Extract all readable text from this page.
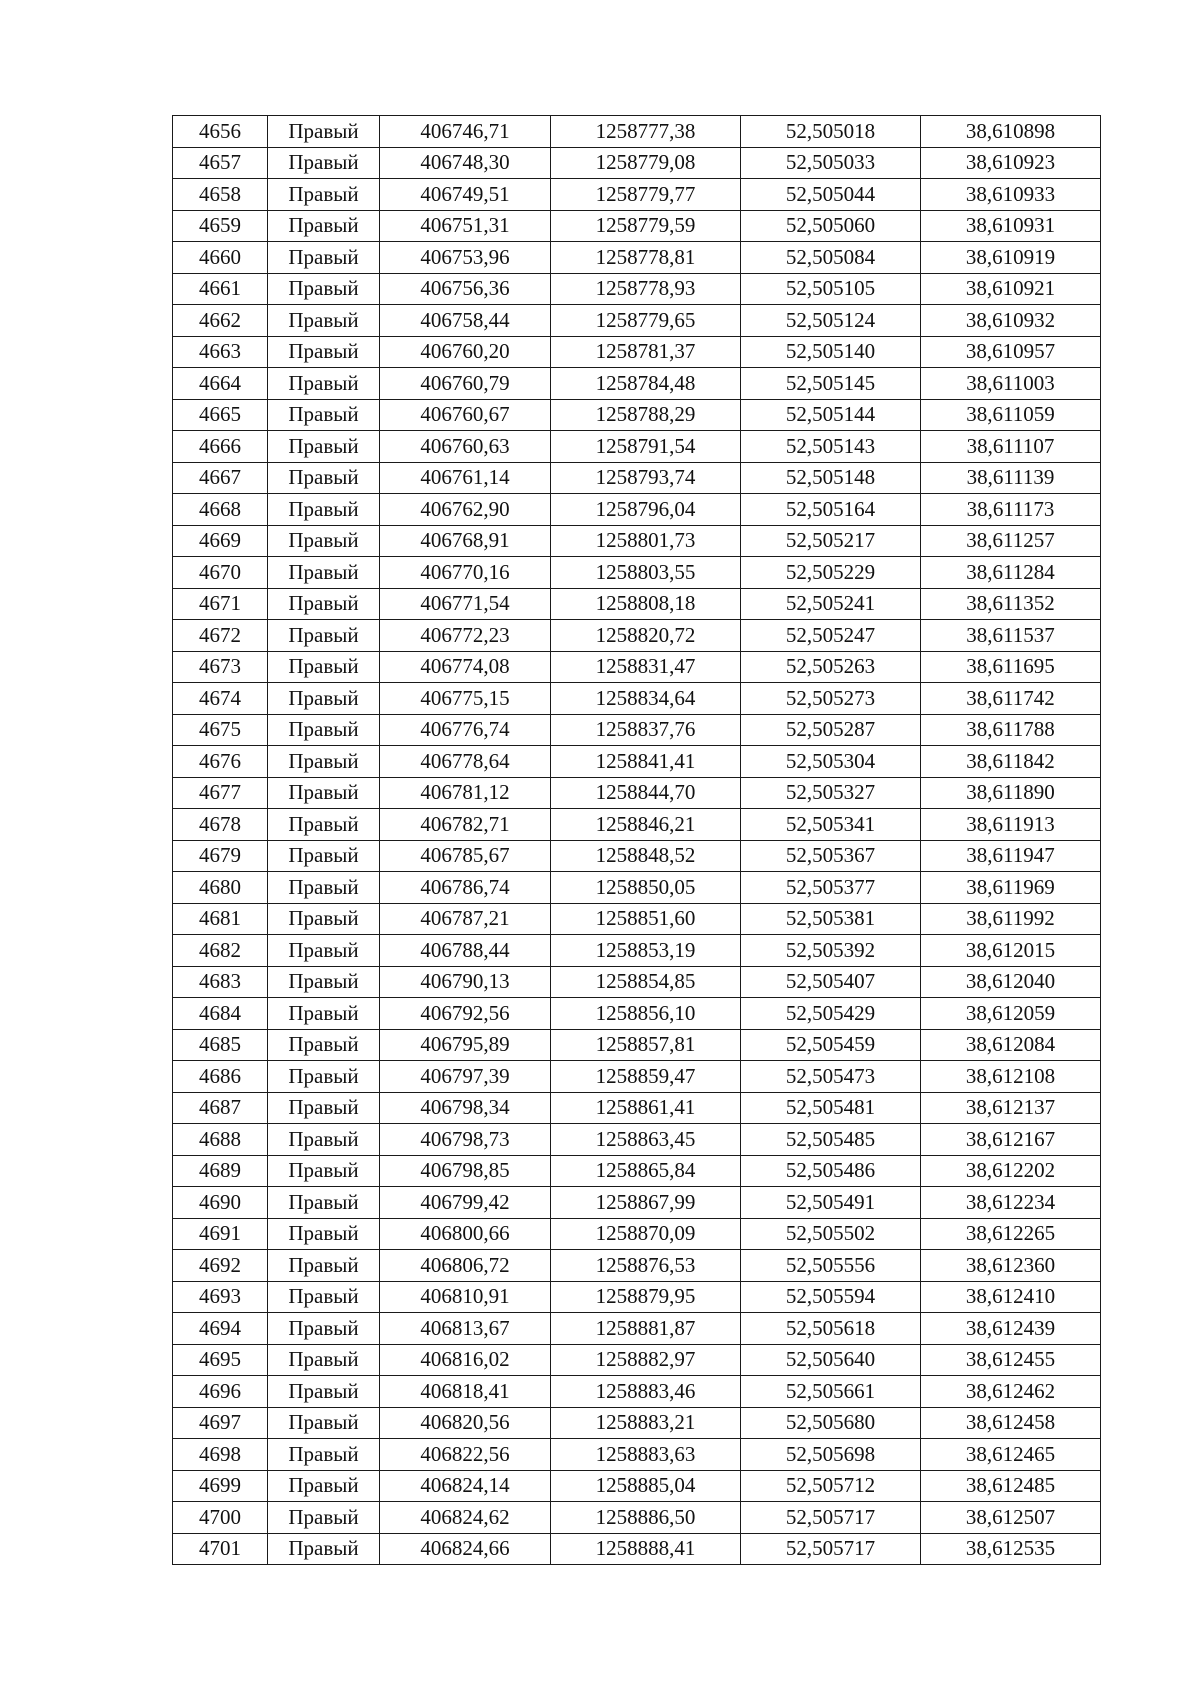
4656	Правый	406746,71	1258777,38	52,505018	38,610898
4657	Правый	406748,30	1258779,08	52,505033	38,610923
4658	Правый	406749,51	1258779,77	52,505044	38,610933
4659	Правый	406751,31	1258779,59	52,505060	38,610931
4660	Правый	406753,96	1258778,81	52,505084	38,610919
4661	Правый	406756,36	1258778,93	52,505105	38,610921
4662	Правый	406758,44	1258779,65	52,505124	38,610932
4663	Правый	406760,20	1258781,37	52,505140	38,610957
4664	Правый	406760,79	1258784,48	52,505145	38,611003
4665	Правый	406760,67	1258788,29	52,505144	38,611059
4666	Правый	406760,63	1258791,54	52,505143	38,611107
4667	Правый	406761,14	1258793,74	52,505148	38,611139
4668	Правый	406762,90	1258796,04	52,505164	38,611173
4669	Правый	406768,91	1258801,73	52,505217	38,611257
4670	Правый	406770,16	1258803,55	52,505229	38,611284
4671	Правый	406771,54	1258808,18	52,505241	38,611352
4672	Правый	406772,23	1258820,72	52,505247	38,611537
4673	Правый	406774,08	1258831,47	52,505263	38,611695
4674	Правый	406775,15	1258834,64	52,505273	38,611742
4675	Правый	406776,74	1258837,76	52,505287	38,611788
4676	Правый	406778,64	1258841,41	52,505304	38,611842
4677	Правый	406781,12	1258844,70	52,505327	38,611890
4678	Правый	406782,71	1258846,21	52,505341	38,611913
4679	Правый	406785,67	1258848,52	52,505367	38,611947
4680	Правый	406786,74	1258850,05	52,505377	38,611969
4681	Правый	406787,21	1258851,60	52,505381	38,611992
4682	Правый	406788,44	1258853,19	52,505392	38,612015
4683	Правый	406790,13	1258854,85	52,505407	38,612040
4684	Правый	406792,56	1258856,10	52,505429	38,612059
4685	Правый	406795,89	1258857,81	52,505459	38,612084
4686	Правый	406797,39	1258859,47	52,505473	38,612108
4687	Правый	406798,34	1258861,41	52,505481	38,612137
4688	Правый	406798,73	1258863,45	52,505485	38,612167
4689	Правый	406798,85	1258865,84	52,505486	38,612202
4690	Правый	406799,42	1258867,99	52,505491	38,612234
4691	Правый	406800,66	1258870,09	52,505502	38,612265
4692	Правый	406806,72	1258876,53	52,505556	38,612360
4693	Правый	406810,91	1258879,95	52,505594	38,612410
4694	Правый	406813,67	1258881,87	52,505618	38,612439
4695	Правый	406816,02	1258882,97	52,505640	38,612455
4696	Правый	406818,41	1258883,46	52,505661	38,612462
4697	Правый	406820,56	1258883,21	52,505680	38,612458
4698	Правый	406822,56	1258883,63	52,505698	38,612465
4699	Правый	406824,14	1258885,04	52,505712	38,612485
4700	Правый	406824,62	1258886,50	52,505717	38,612507
4701	Правый	406824,66	1258888,41	52,505717	38,612535
